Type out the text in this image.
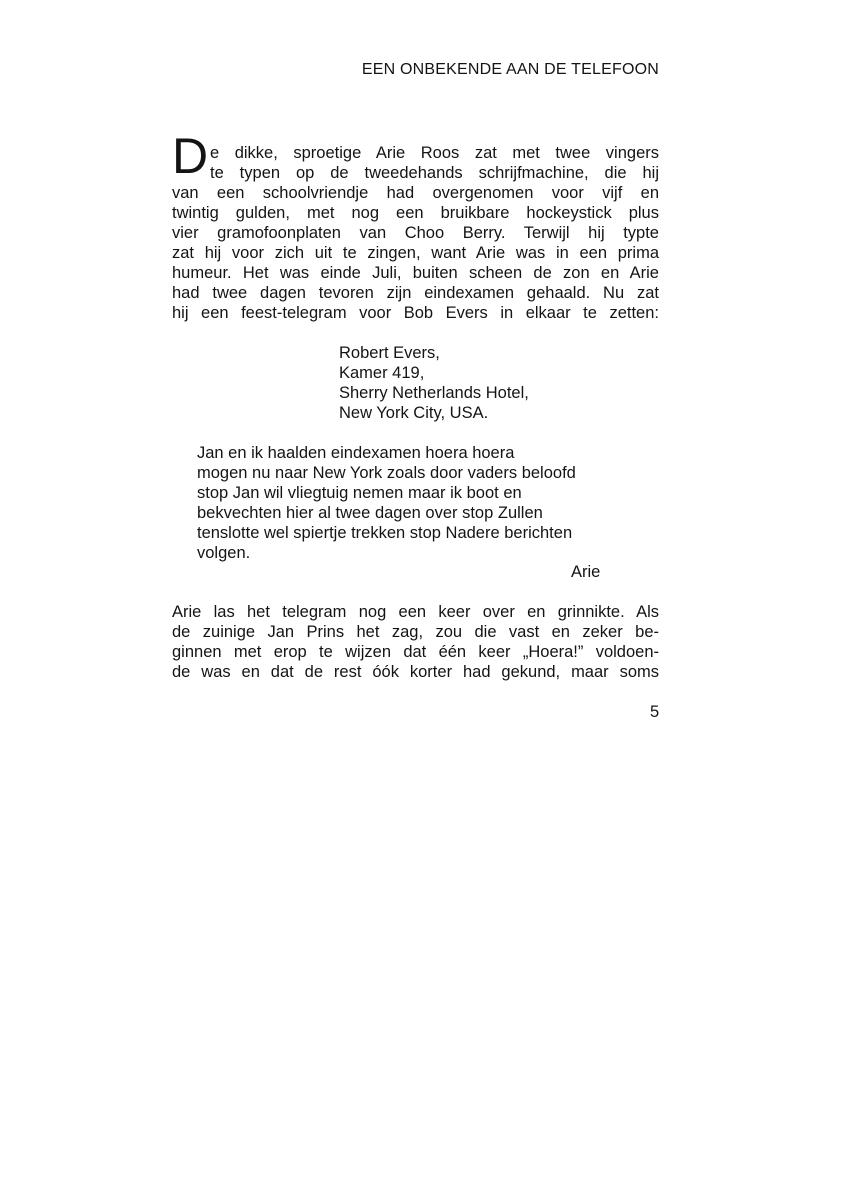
EEN ONBEKENDE AAN DE TELEFOON
D e dikke, sproetige Arie Roos zat met twee vingers
te typen op de tweedehands schrijfmachine, die hij
van een schoolvriendje had overgenomen voor vijf en
twintig gulden, met nog een bruikbare hockeystick plus
vier gramofoonplaten van Choo Berry. Terwijl hij typte
zat hij voor zich uit te zingen, want Arie was in een prima
humeur. Het was einde Juli, buiten scheen de zon en Arie
had twee dagen tevoren zijn eindexamen gehaald. Nu zat
hij een feest-telegram voor Bob Evers in elkaar te zetten:
Robert Evers,
Kamer 419,
Sherry Netherlands Hotel,
New York City, USA.
Jan en ik haalden eindexamen hoera hoera
mogen nu naar New York zoals door vaders beloofd
stop Jan wil vliegtuig nemen maar ik boot en
bekvechten hier al twee dagen over stop Zullen
tenslotte wel spiertje trekken stop Nadere berichten
volgen.
Arie
Arie las het telegram nog een keer over en grinnikte. Als
de zuinige Jan Prins het zag, zou die vast en zeker be-
ginnen met erop te wijzen dat één keer „Hoera!” voldoen-
de was en dat de rest óók korter had gekund, maar soms
5
